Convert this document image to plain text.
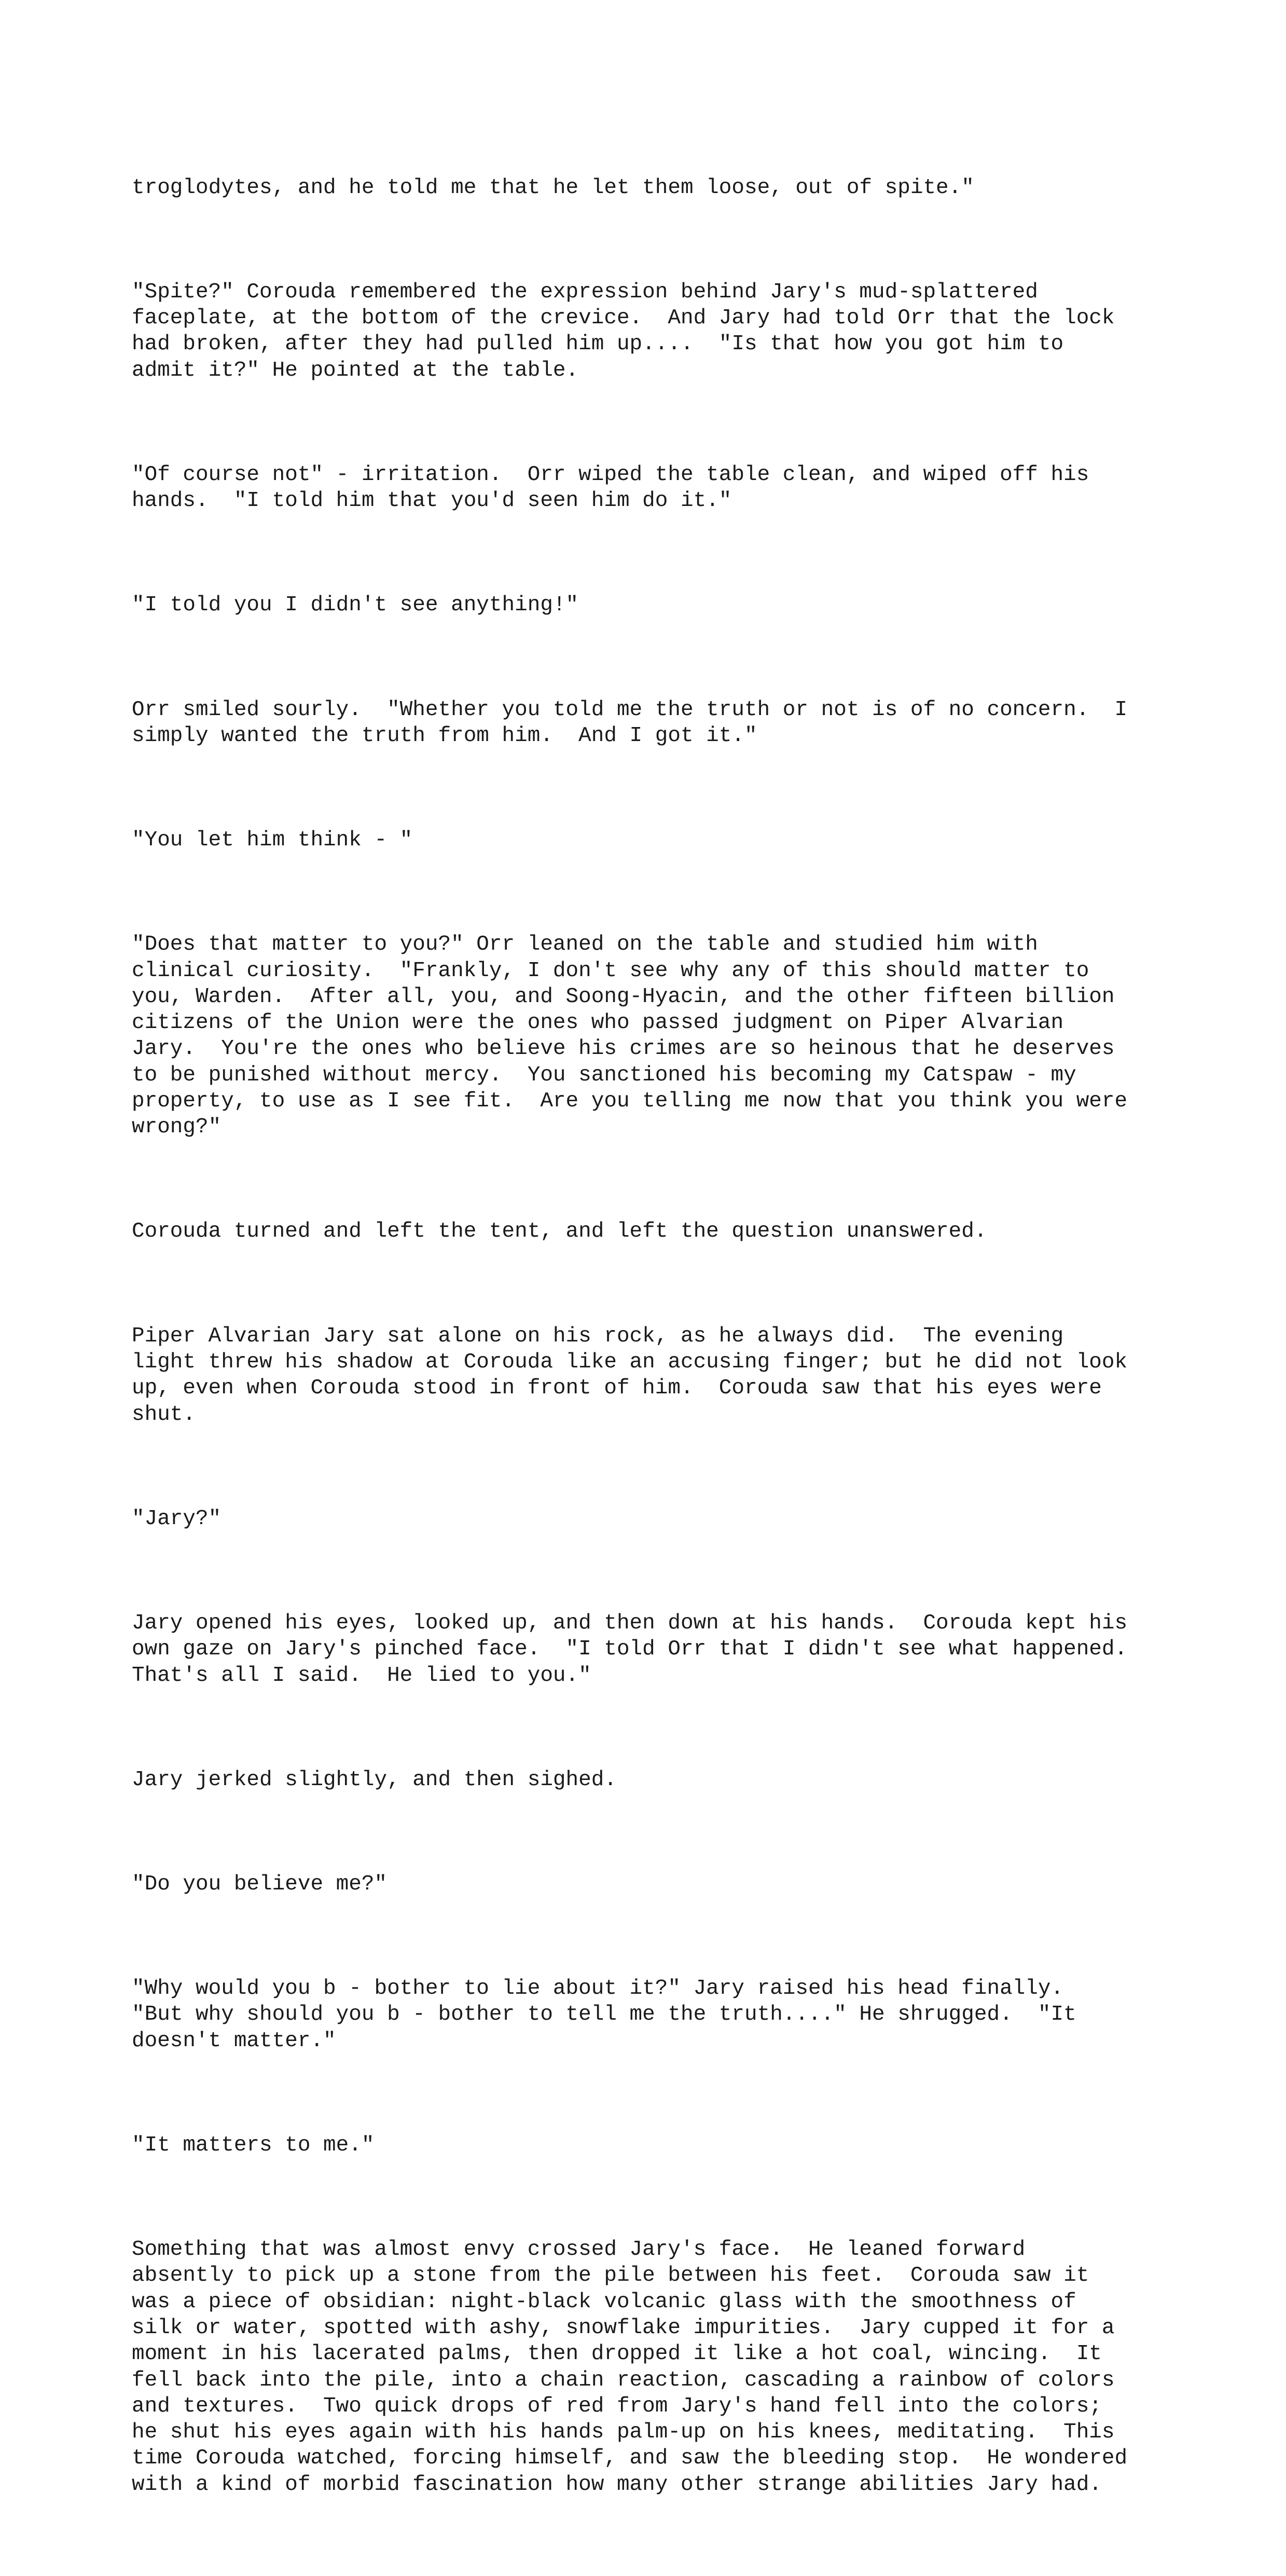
troglodytes, and he told me that he let them loose, out of spite."

"Spite?" Corouda remembered the expression behind Jary's mud-splattered
faceplate, at the bottom of the crevice.  And Jary had told Orr that the lock
had broken, after they had pulled him up....  "Is that how you got him to
admit it?" He pointed at the table.

"Of course not" - irritation.  Orr wiped the table clean, and wiped off his
hands.  "I told him that you'd seen him do it."

"I told you I didn't see anything!"

Orr smiled sourly.  "Whether you told me the truth or not is of no concern.  I
simply wanted the truth from him.  And I got it."

"You let him think - "

"Does that matter to you?" Orr leaned on the table and studied him with
clinical curiosity.  "Frankly, I don't see why any of this should matter to
you, Warden.  After all, you, and Soong-Hyacin, and the other fifteen billion
citizens of the Union were the ones who passed judgment on Piper Alvarian
Jary.  You're the ones who believe his crimes are so heinous that he deserves
to be punished without mercy.  You sanctioned his becoming my Catspaw - my
property, to use as I see fit.  Are you telling me now that you think you were
wrong?"

Corouda turned and left the tent, and left the question unanswered.

Piper Alvarian Jary sat alone on his rock, as he always did.  The evening
light threw his shadow at Corouda like an accusing finger; but he did not look
up, even when Corouda stood in front of him.  Corouda saw that his eyes were
shut.

"Jary?"

Jary opened his eyes, looked up, and then down at his hands.  Corouda kept his
own gaze on Jary's pinched face.  "I told Orr that I didn't see what happened.
That's all I said.  He lied to you."

Jary jerked slightly, and then sighed.

"Do you believe me?"

"Why would you b - bother to lie about it?" Jary raised his head finally.
"But why should you b - bother to tell me the truth...." He shrugged.  "It
doesn't matter."

"It matters to me."

Something that was almost envy crossed Jary's face.  He leaned forward
absently to pick up a stone from the pile between his feet.  Corouda saw it
was a piece of obsidian: night-black volcanic glass with the smoothness of
silk or water, spotted with ashy, snowflake impurities.  Jary cupped it for a
moment in his lacerated palms, then dropped it like a hot coal, wincing.  It
fell back into the pile, into a chain reaction, cascading a rainbow of colors
and textures.  Two quick drops of red from Jary's hand fell into the colors;
he shut his eyes again with his hands palm-up on his knees, meditating.  This
time Corouda watched, forcing himself, and saw the bleeding stop.  He wondered
with a kind of morbid fascination how many other strange abilities Jary had.
